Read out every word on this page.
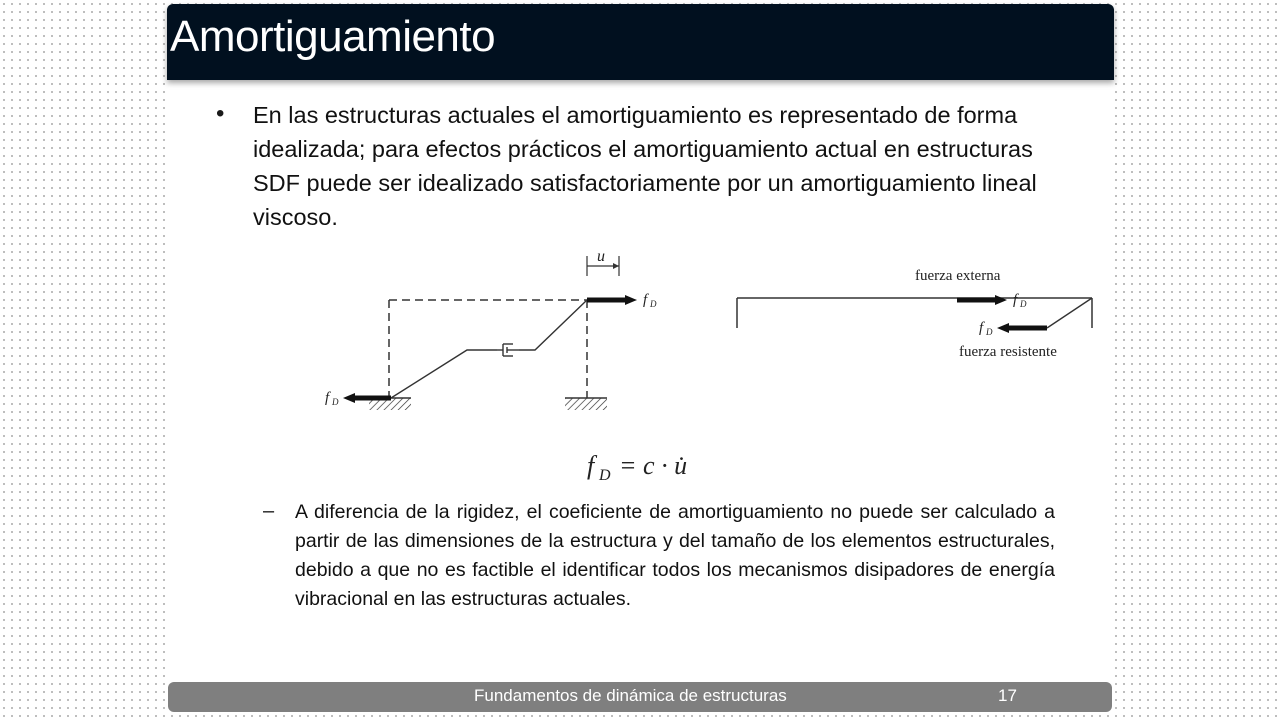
Amortiguamiento
• En las estructuras actuales el amortiguamiento es representado de forma idealizada; para efectos prácticos el amortiguamiento actual en estructuras SDF puede ser idealizado satisfactoriamente por un amortiguamiento lineal viscoso.

u
f D
f D
fuerza externa
f D
f D
fuerza resistente
f D = c · u̇
– A diferencia de la rigidez, el coeficiente de amortiguamiento no puede ser calculado a partir de las dimensiones de la estructura y del tamaño de los elementos estructurales, debido a que no es factible el identificar todos los mecanismos disipadores de energía vibracional en las estructuras actuales.

Fundamentos de dinámica de estructuras	17
